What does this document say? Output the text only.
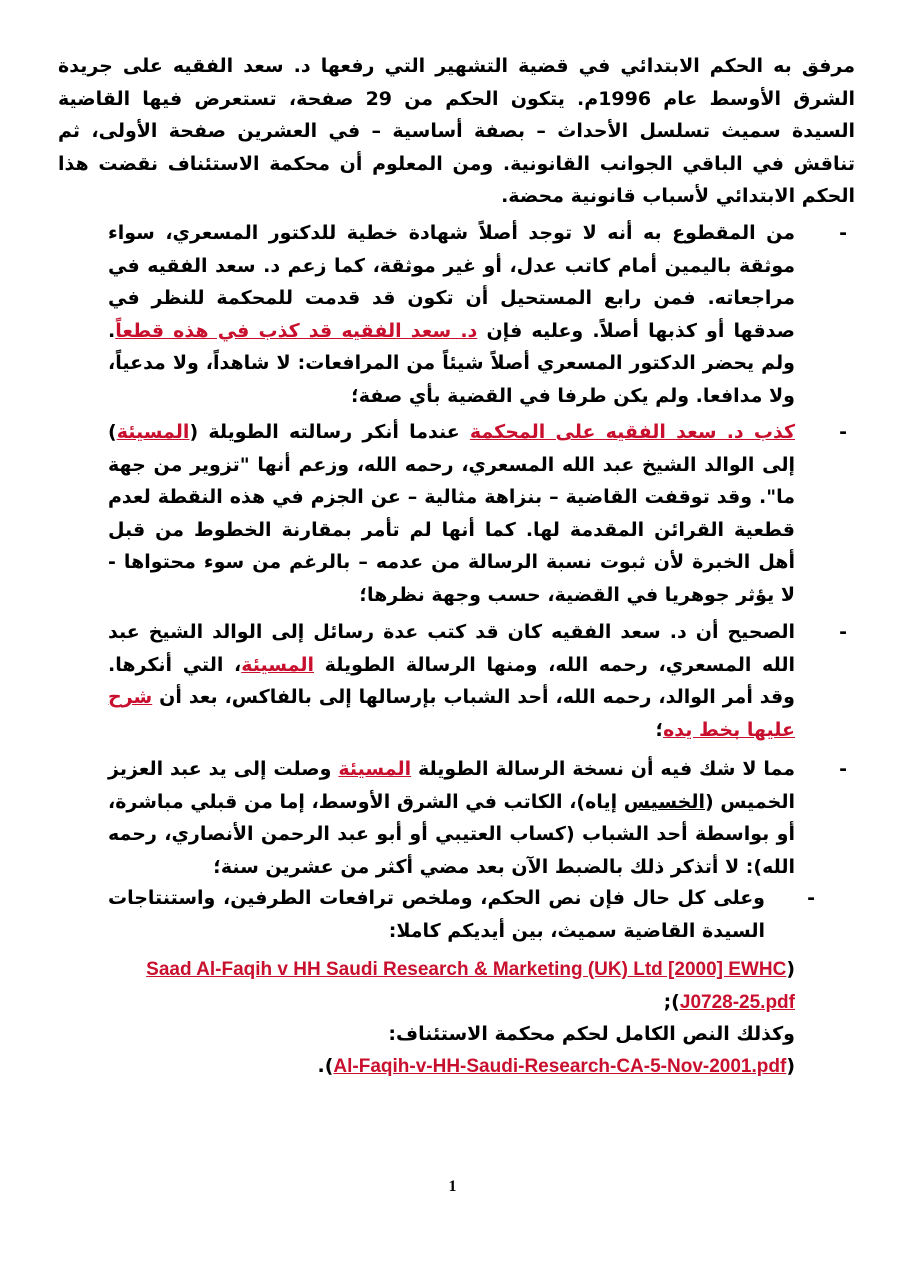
مرفق به الحكم الابتدائي في قضية التشهير التي رفعها د. سعد الفقيه على جريدة الشرق الأوسط عام 1996م. يتكون الحكم من 29 صفحة، تستعرض فيها القاضية السيدة سميث تسلسل الأحداث – بصفة أساسية – في العشرين صفحة الأولى، ثم تناقش في الباقي الجوانب القانونية. ومن المعلوم أن محكمة الاستئناف نقضت هذا الحكم الابتدائي لأسباب قانونية محضة.

-
من المقطوع به أنه لا توجد أصلاً شهادة خطية للدكتور المسعري، سواء موثقة باليمين أمام كاتب عدل، أو غير موثقة، كما زعم د. سعد الفقيه في مراجعاته. فمن رابع المستحيل أن تكون قد قدمت للمحكمة للنظر في صدقها أو كذبها أصلاً. وعليه فإن د. سعد الفقيه قد كذب في هذه قطعاً. ولم يحضر الدكتور المسعري أصلاً شيئاً من المرافعات: لا شاهداً، ولا مدعياً، ولا مدافعا. ولم يكن طرفا في القضية بأي صفة؛

-
كذب د. سعد الفقيه على المحكمة عندما أنكر رسالته الطويلة (المسيئة) إلى الوالد الشيخ عبد الله المسعري، رحمه الله، وزعم أنها "تزوير من جهة ما". وقد توقفت القاضية – بنزاهة مثالية – عن الجزم في هذه النقطة لعدم قطعية القرائن المقدمة لها. كما أنها لم تأمر بمقارنة الخطوط من قبل أهل الخبرة لأن ثبوت نسبة الرسالة من عدمه – بالرغم من سوء محتواها - لا يؤثر جوهريا في القضية، حسب وجهة نظرها؛

-
الصحيح أن د. سعد الفقيه كان قد كتب عدة رسائل إلى الوالد الشيخ عبد الله المسعري، رحمه الله، ومنها الرسالة الطويلة المسيئة، التي أنكرها. وقد أمر الوالد، رحمه الله، أحد الشباب بإرسالها إلى بالفاكس، بعد أن شرح عليها بخط يده؛

-
مما لا شك فيه أن نسخة الرسالة الطويلة المسيئة وصلت إلى يد عبد العزيز الخميس (الخسيس إياه)، الكاتب في الشرق الأوسط، إما من قبلي مباشرة، أو بواسطة أحد الشباب (كساب العتيبي أو أبو عبد الرحمن الأنصاري، رحمه الله): لا أتذكر ذلك بالضبط الآن بعد مضي أكثر من عشرين سنة؛

-
وعلى كل حال فإن نص الحكم، وملخص ترافعات الطرفين، واستنتاجات السيدة القاضية سميث، بين أيديكم كاملا:

(Saad Al-Faqih v HH Saudi Research & Marketing (UK) Ltd [2000] EWHC J0728-25.pdf);

وكذلك النص الكامل لحكم محكمة الاستئناف:

(Al-Faqih-v-HH-Saudi-Research-CA-5-Nov-2001.pdf).

1
